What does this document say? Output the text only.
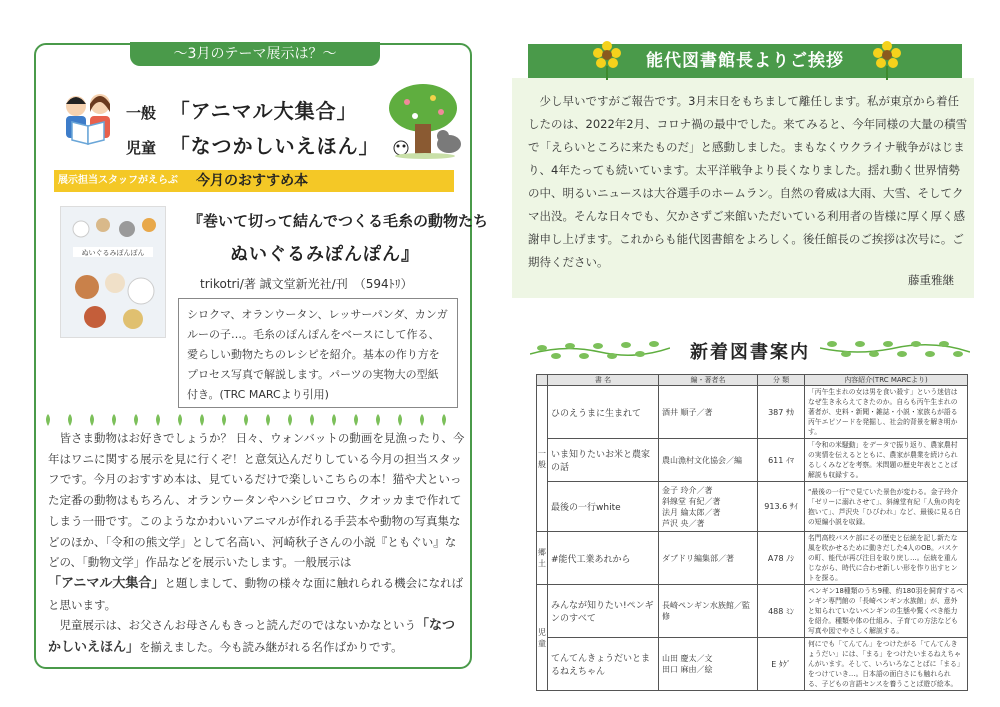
～3月のテーマ展示は？～
一般 「アニマル大集合」
児童 「なつかしいえほん」
展示担当スタッフがえらぶ 今月のおすすめ本
ぬいぐるみぽんぽん
『巻いて切って結んでつくる毛糸の動物たち
ぬいぐるみぽんぽん』
trikotri/著 誠文堂新光社/刊　（594ﾄﾘ）
シロクマ、オランウータン、レッサーパンダ、カンガルーの子…。毛糸のぽんぽんをベースにして作る、愛らしい動物たちのレシピを紹介。基本の作り方をプロセス写真で解説します。パーツの実物大の型紙付き。(TRC MARCより引用)

皆さま動物はお好きでしょうか？ 日々、ウォンバットの動画を見漁ったり、今年はワニに関する展示を見に行くぞ！と意気込んだりしている今月の担当スタッフです。今月のおすすめ本は、見ているだけで楽しいこちらの本！猫や犬といった定番の動物はもちろん、オランウータンやハシビロコウ、クオッカまで作れてしまう一冊です。このようなかわいいアニマルが作れる手芸本や動物の写真集などのほか、「令和の熊文学」として名高い、河崎秋子さんの小説『ともぐい』などの、「動物文学」作品などを展示いたします。一般展示は「アニマル大集合」と題しまして、動物の様々な面に触れられる機会になればと思います。

児童展示は、お父さんお母さんもきっと読んだのではないかなという「なつかしいえほん」を揃えました。今も読み継がれる名作ばかりです。

能代図書館長よりご挨拶
少し早いですがご報告です。3月末日をもちまして離任します。私が東京から着任したのは、2022年2月、コロナ禍の最中でした。来てみると、今年同様の大量の積雪で「えらいところに来たものだ」と感動しました。まもなくウクライナ戦争がはじまり、4年たっても続いています。太平洋戦争より長くなりました。揺れ動く世界情勢の中、明るいニュースは大谷選手のホームラン。自然の脅威は大雨、大雪、そしてクマ出没。そんな日々でも、欠かさずご来館いただいている利用者の皆様に厚く厚く感謝申し上げます。これからも能代図書館をよろしく。後任館長のご挨拶は次号に。ご期待ください。
藤重雅継
新着図書案内
	書 名	編・著者名	分 類	内容紹介(TRC MARCより)
一般	ひのえうまに生まれて	酒井 順子／著	387 ｻｶ	「丙午生まれの女は男を食い殺す」という迷信はなぜ生き永らえてきたのか。自らも丙午生まれの著者が、史料・新聞・雑誌・小説・家族らが語る丙午エピソードを発掘し、社会的背景を解き明かす。
	いま知りたいお米と農家の話	農山漁村文化協会／編	611 ｲﾏ	「令和の米騒動」をデータで振り返り、農家農村の実情を伝えるとともに、農家が農業を続けられるしくみなどを考察。米問題の歴史年表とことば解説も収録する。
	最後の一行white	金子 玲介／著
斜線堂 有紀／著
法月 綸太郎／著
芦沢 央／著	913.6 ｻｲ	“最後の一行”で見ていた景色が変わる。金子玲介「ゼリーに溺れさせて」、斜線堂有紀「人魚の肉を抱いて」、芦沢央「ひびわれ」など、最後に見る白の短編小説を収録。
郷土	#能代工業あれから	ダブドリ編集部／著	A78 ﾉｼ	名門高校バスケ部にその歴史と伝統を記し新たな風を吹かせるために動きだした4人のOB。バスケの町、能代が再び注目を取り戻し…。伝統を重んじながら、時代に合わせ新しい形を作り出すヒントを探る。
児童	みんなが知りたい!ペンギンのすべて	長崎ペンギン水族館／監修	488 ﾐﾝ	ペンギン18種類のうち9種、約180羽を飼育するペンギン専門館の「長崎ペンギン水族館」が、意外と知られていないペンギンの生態や驚くべき能力を紹介。種類や体の仕組み、子育ての方法なども写真や図でやさしく解説する。
	てんてんきょうだいとまるねえちゃん	山田 慶太／文
田口 麻由／絵	E ﾀｸﾞ	何にでも「てんてん」をつけたがる「てんてんきょうだい」には、「まる」をつけたいまるねえちゃんがいます。そして、いろいろなことばに「まる」をつけていき…。日本語の面白さにも触れられる、子どもの言語センスを養うことば遊び絵本。
